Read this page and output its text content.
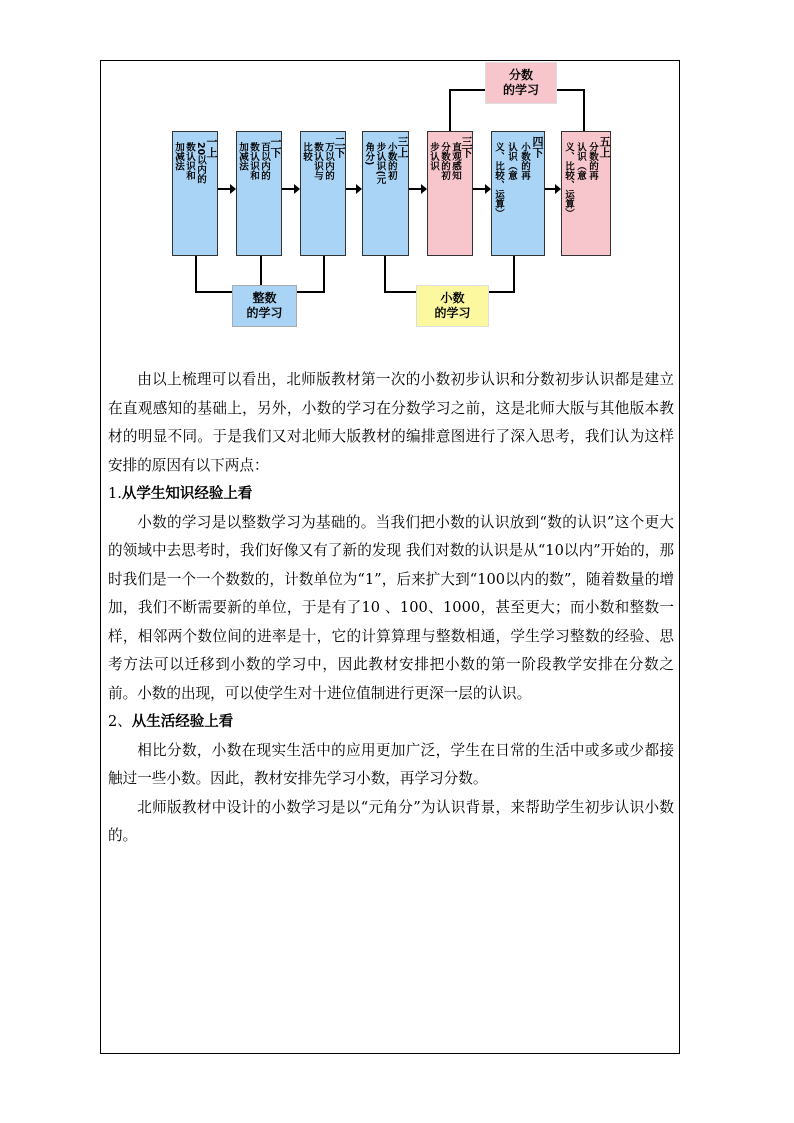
一上
20以内的
数认识和
加减法	一下
百以内的
数认识和
加减法	二下
万以内的
数认识与
比较	三上
小数的初
步认识(元
角分)	三下
直观感知
分数的初
步认识	四下
小数的再
认识（意
义、比较、运算）	五上
分数的再
认识（意
义、比较、运算）
整数
的学习
小数
的学习
分数
的学习

由以上梳理可以看出，北师版教材第一次的小数初步认识和分数初步认识都是建立在直观感知的基础上，另外，小数的学习在分数学习之前，这是北师大版与其他版本教材的明显不同。于是我们又对北师大版教材的编排意图进行了深入思考，我们认为这样安排的原因有以下两点：

1.从学生知识经验上看

小数的学习是以整数学习为基础的。当我们把小数的认识放到“数的认识”这个更大的领域中去思考时，我们好像又有了新的发现 我们对数的认识是从“10以内”开始的，那时我们是一个一个数数的，计数单位为“1”，后来扩大到“100以内的数”，随着数量的增加，我们不断需要新的单位，于是有了10 、100、1000，甚至更大；而小数和整数一样，相邻两个数位间的进率是十，它的计算算理与整数相通，学生学习整数的经验、思考方法可以迁移到小数的学习中，因此教材安排把小数的第一阶段教学安排在分数之前。小数的出现，可以使学生对十进位值制进行更深一层的认识。

2、从生活经验上看

相比分数，小数在现实生活中的应用更加广泛，学生在日常的生活中或多或少都接触过一些小数。因此，教材安排先学习小数，再学习分数。

北师版教材中设计的小数学习是以“元角分”为认识背景，来帮助学生初步认识小数的。
